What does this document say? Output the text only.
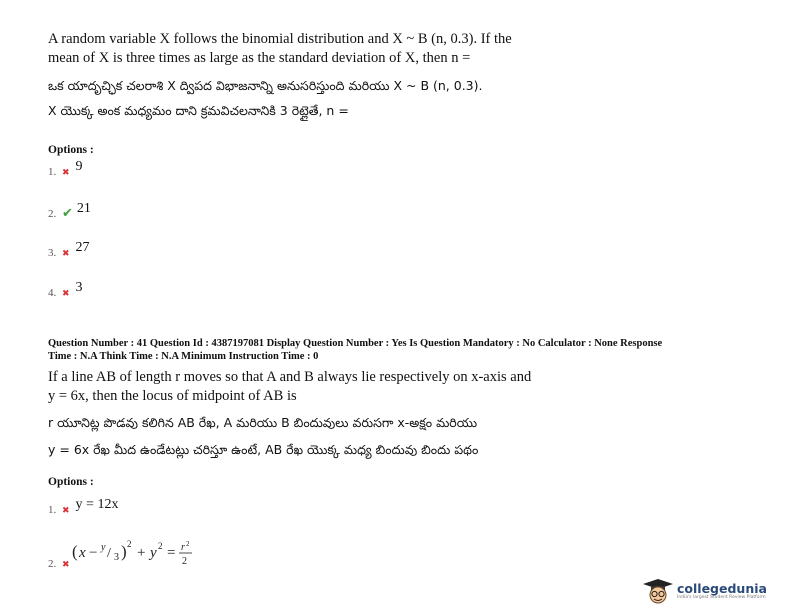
A random variable X follows the binomial distribution and X ~ B (n, 0.3). If the
mean of X is three times as large as the standard deviation of X, then n =
ఒక యాదృచ్ఛిక చలరాశి X ద్విపద విభాజనాన్ని అనుసరిస్తుంది మరియు X ~ B (n, 0.3).
X యొక్క అంక మధ్యమం దాని క్రమవిచలనానికి 3 రెట్లైతే, n =
Options :
1. ✖ 9
2. ✔ 21
3. ✖ 27
4. ✖ 3
Question Number : 41 Question Id : 4387197081 Display Question Number : Yes Is Question Mandatory : No Calculator : None Response
Time : N.A Think Time : N.A Minimum Instruction Time : 0
If a line AB of length r moves so that A and B always lie respectively on x-axis and
y = 6x, then the locus of midpoint of AB is
r యూనిట్ల పొడవు కలిగిన AB రేఖ, A మరియు B బిందువులు వరుసగా x-అక్షం మరియు
y = 6x రేఖ మీద ఉండేటట్లు చరిస్తూ ఉంటే, AB రేఖ యొక్క మధ్య బిందువు బిందు పథం
Options :
1. ✖ y = 12x
2. ✖
( x − y / 3 ) 2
+ y 2 = r 2
2
collegedunia
India's largest Student Review Platform
